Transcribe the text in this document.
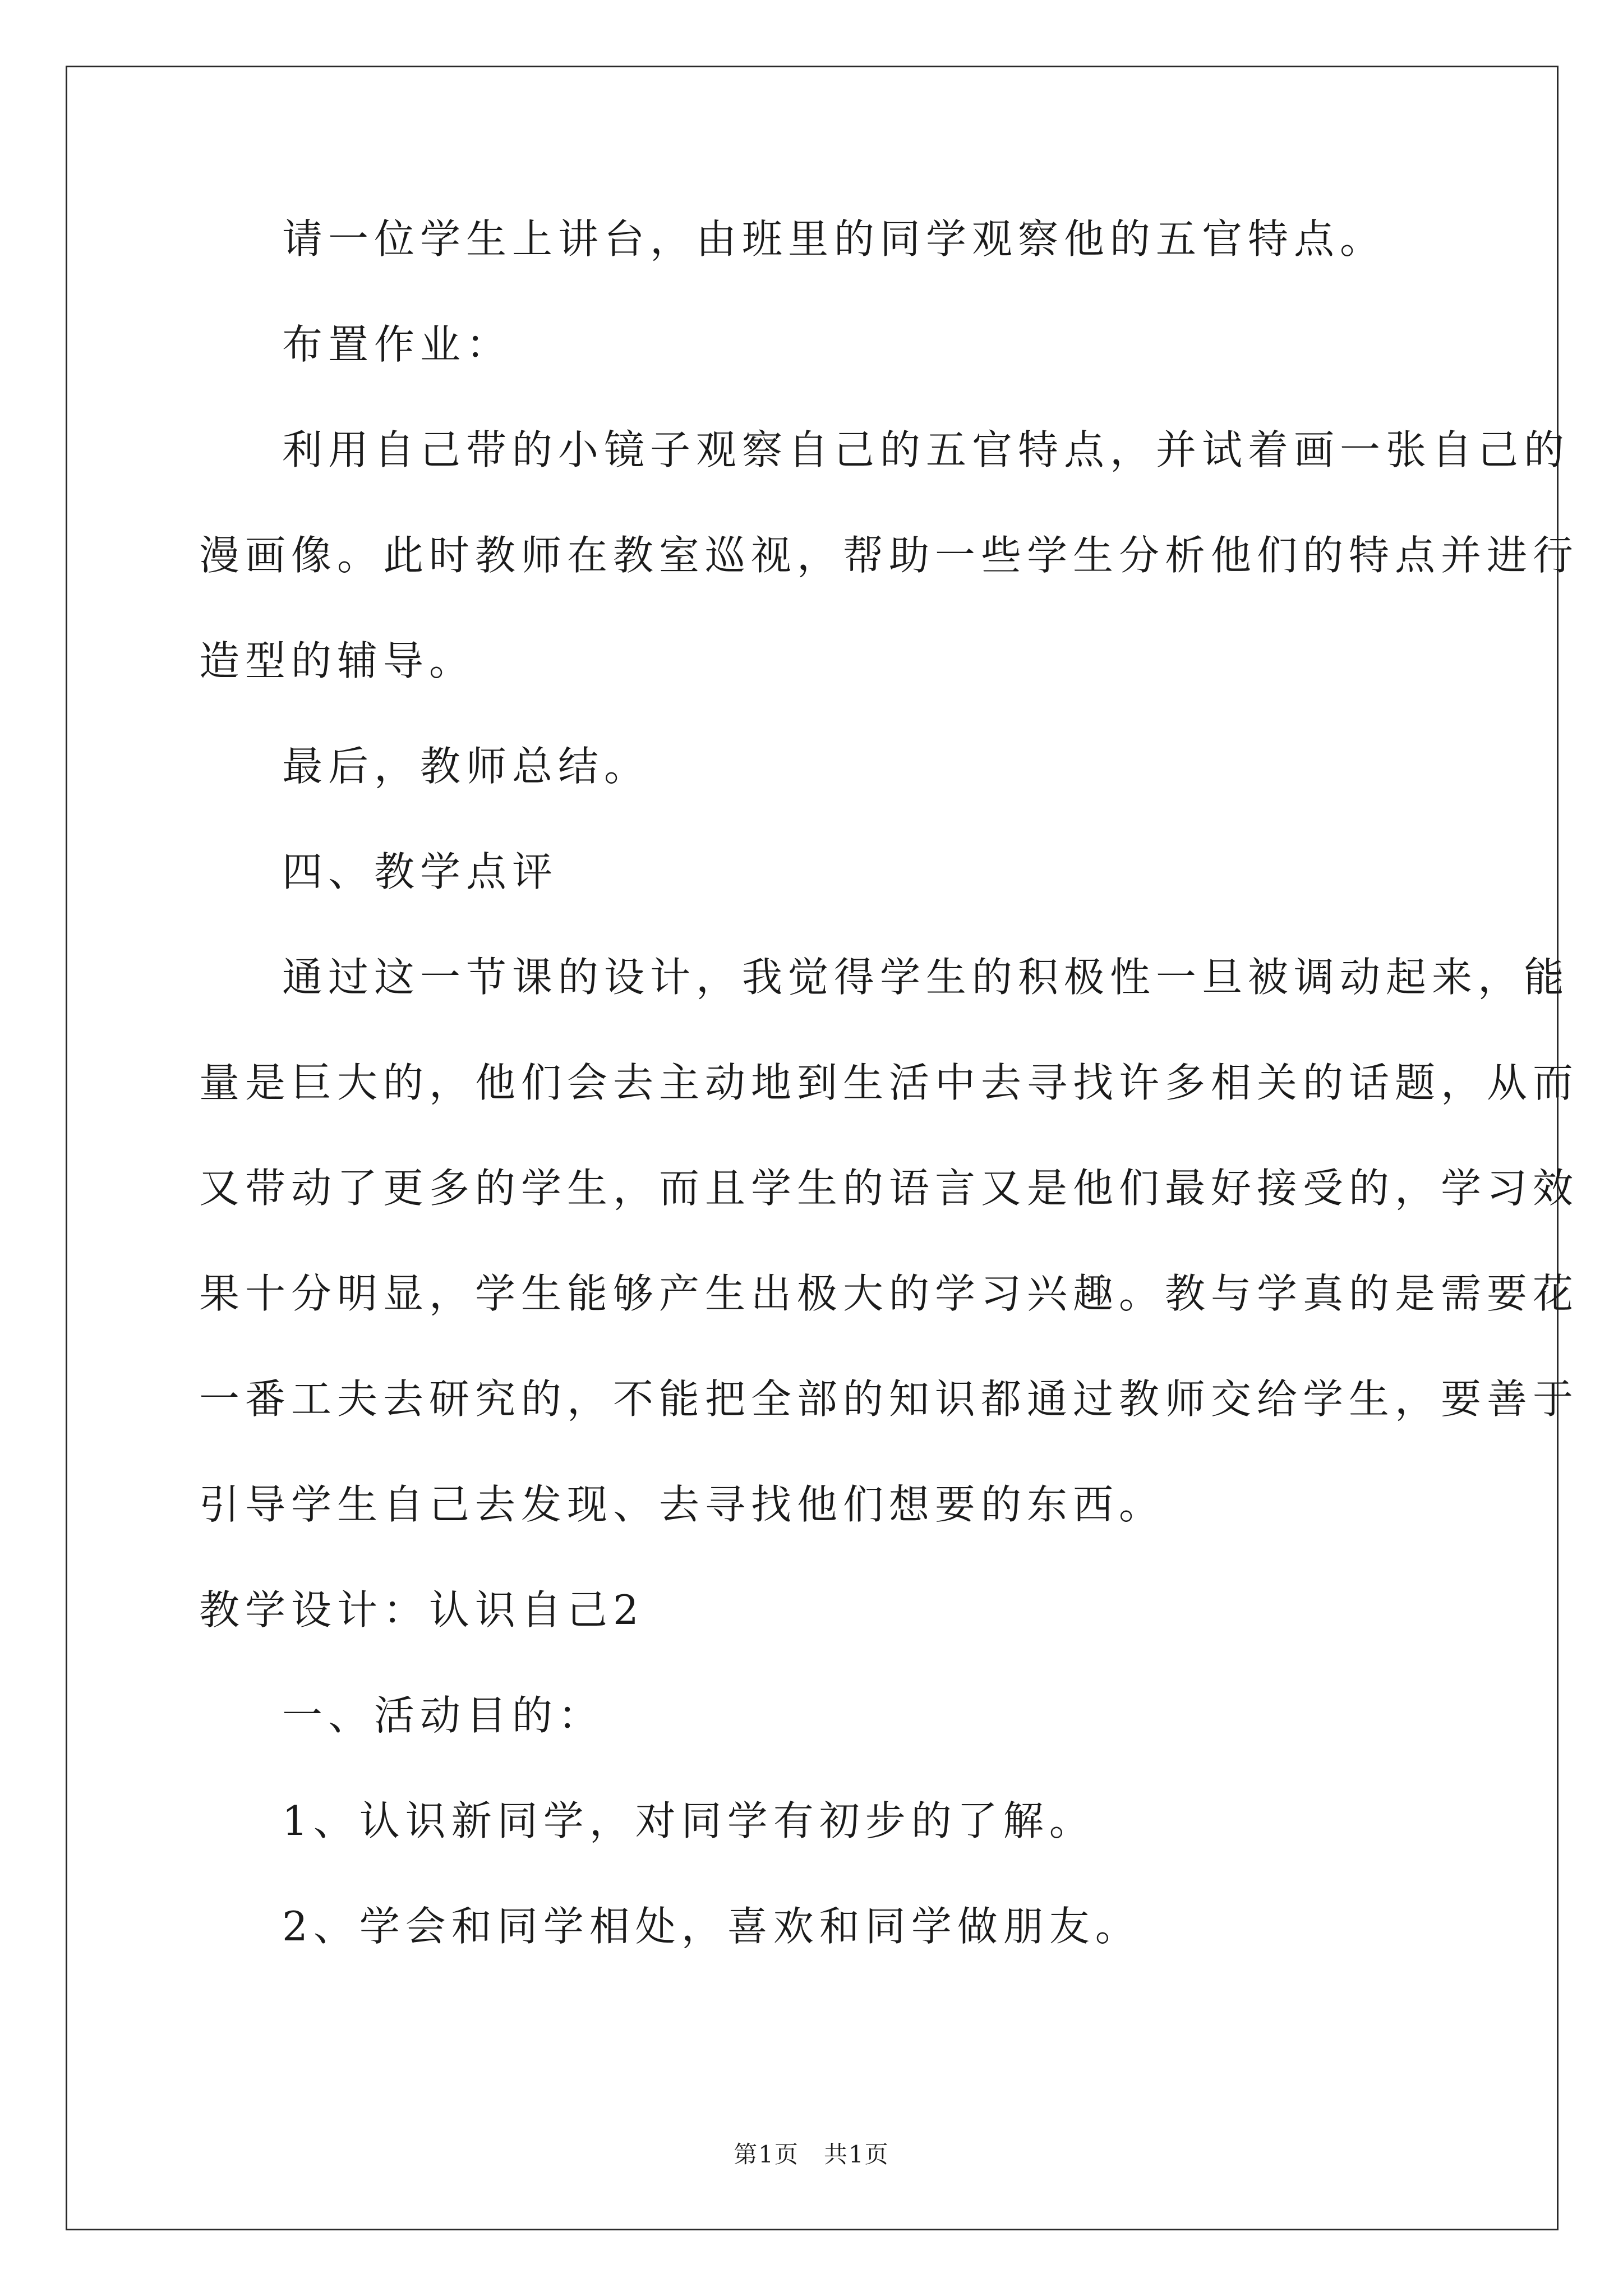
请一位学生上讲台，由班里的同学观察他的五官特点。
布置作业：
利用自己带的小镜子观察自己的五官特点，并试着画一张自己的
漫画像。此时教师在教室巡视，帮助一些学生分析他们的特点并进行
造型的辅导。
最后，教师总结。
四、教学点评
通过这一节课的设计，我觉得学生的积极性一旦被调动起来，能
量是巨大的，他们会去主动地到生活中去寻找许多相关的话题，从而
又带动了更多的学生，而且学生的语言又是他们最好接受的，学习效
果十分明显，学生能够产生出极大的学习兴趣。教与学真的是需要花
一番工夫去研究的，不能把全部的知识都通过教师交给学生，要善于
引导学生自己去发现、去寻找他们想要的东西。
教学设计：认识自己2
一、活动目的：
1、认识新同学，对同学有初步的了解。
2、学会和同学相处，喜欢和同学做朋友。
第1页　共1页
